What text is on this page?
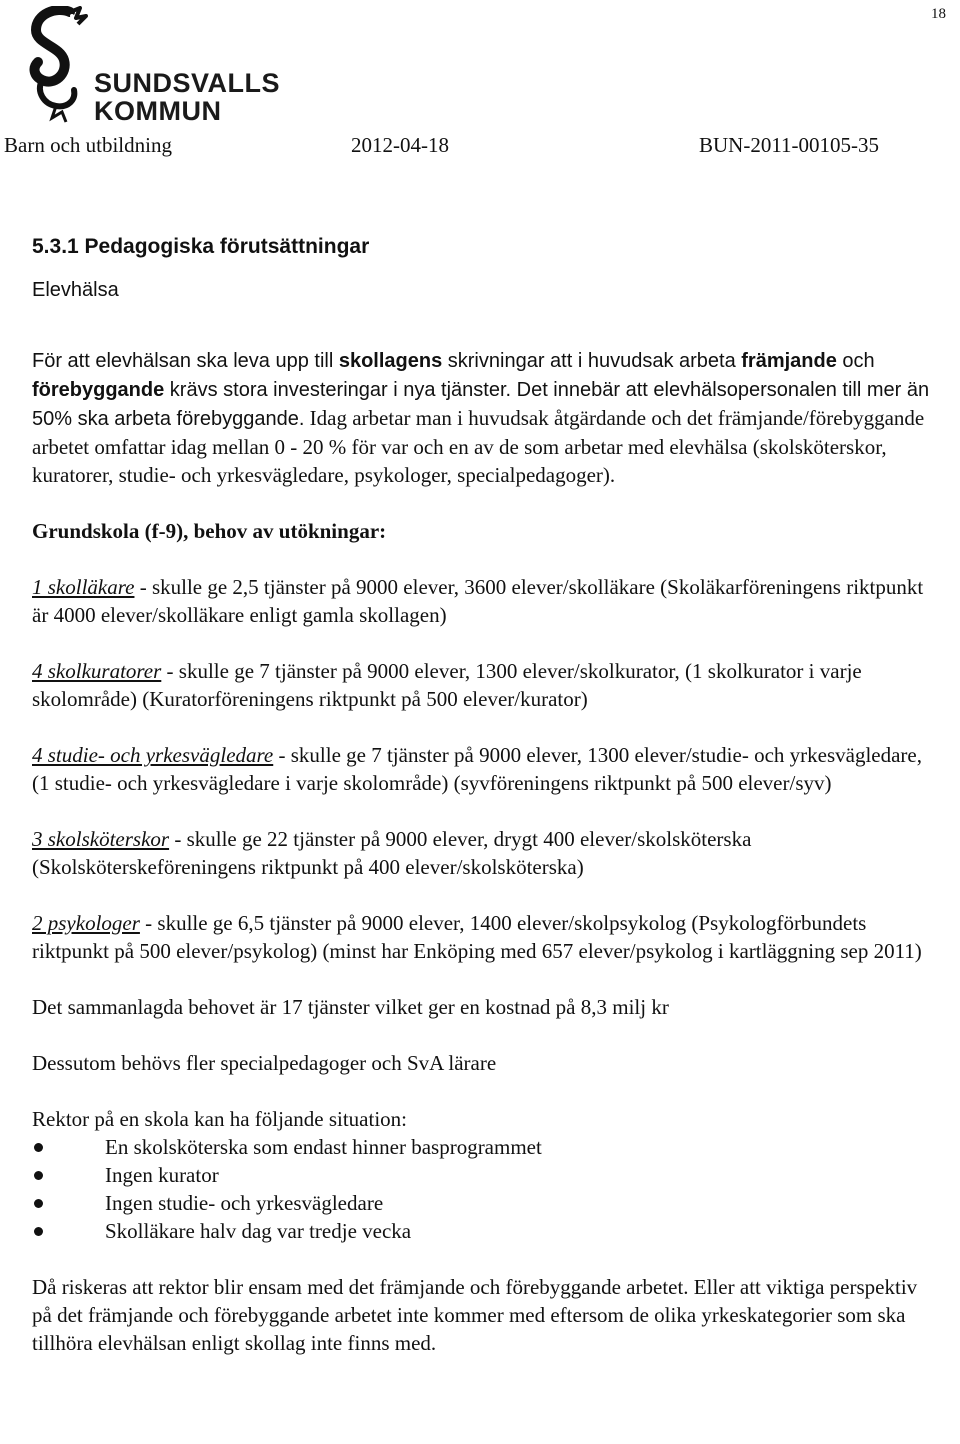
18
SUNDSVALLS
KOMMUN
Barn och utbildning	2012-04-18	BUN-2011-00105-35

5.3.1 Pedagogiska förutsättningar

Elevhälsa

För att elevhälsan ska leva upp till skollagens skrivningar att i huvudsak arbeta främjande och förebyggande krävs stora investeringar i nya tjänster. Det innebär att elevhälsopersonalen till mer än 50% ska arbeta förebyggande. Idag arbetar man i huvudsak åtgärdande och det främjande/förebyggande arbetet omfattar idag mellan 0 - 20 % för var och en av de som arbetar med elevhälsa (skolsköterskor, kuratorer, studie- och yrkesvägledare, psykologer, specialpedagoger).

Grundskola (f-9), behov av utökningar:

1 skolläkare - skulle ge 2,5 tjänster på 9000 elever, 3600 elever/skolläkare (Skoläkarföreningens riktpunkt är 4000 elever/skolläkare enligt gamla skollagen)

4 skolkuratorer - skulle ge 7 tjänster på 9000 elever, 1300 elever/skolkurator, (1 skolkurator i varje skolområde) (Kuratorföreningens riktpunkt på 500 elever/kurator)

4 studie- och yrkesvägledare - skulle ge 7 tjänster på 9000 elever, 1300 elever/studie- och yrkesvägledare, (1 studie- och yrkesvägledare i varje skolområde) (syvföreningens riktpunkt på 500 elever/syv)

3 skolsköterskor - skulle ge 22 tjänster på 9000 elever, drygt 400 elever/skolsköterska (Skolsköterskeföreningens riktpunkt på 400 elever/skolsköterska)

2 psykologer - skulle ge 6,5 tjänster på 9000 elever, 1400 elever/skolpsykolog (Psykologförbundets riktpunkt på 500 elever/psykolog) (minst har Enköping med 657 elever/psykolog i kartläggning sep 2011)

Det sammanlagda behovet är 17 tjänster vilket ger en kostnad på 8,3 milj kr

Dessutom behövs fler specialpedagoger och SvA lärare

Rektor på en skola kan ha följande situation:

En skolsköterska som endast hinner basprogrammet
Ingen kurator
Ingen studie- och yrkesvägledare
Skolläkare halv dag var tredje vecka

Då riskeras att rektor blir ensam med det främjande och förebyggande arbetet. Eller att viktiga perspektiv på det främjande och förebyggande arbetet inte kommer med eftersom de olika yrkeskategorier som ska tillhöra elevhälsan enligt skollag inte finns med.
